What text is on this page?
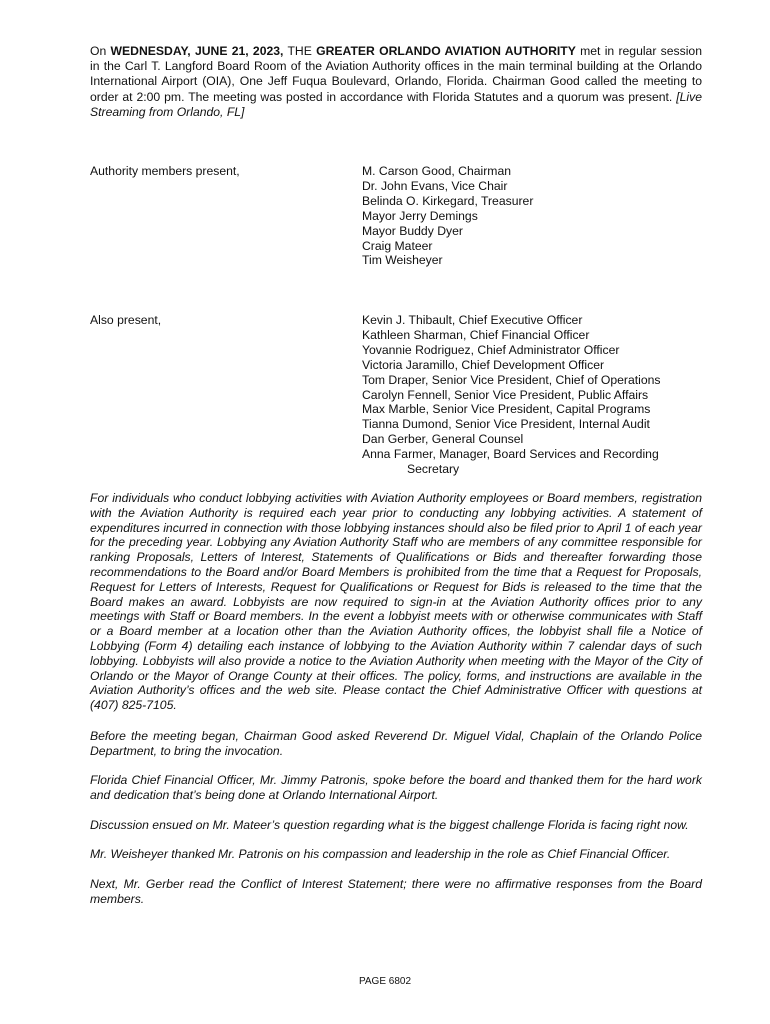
On WEDNESDAY, JUNE 21, 2023, THE GREATER ORLANDO AVIATION AUTHORITY met in regular session in the Carl T. Langford Board Room of the Aviation Authority offices in the main terminal building at the Orlando International Airport (OIA), One Jeff Fuqua Boulevard, Orlando, Florida. Chairman Good called the meeting to order at 2:00 pm. The meeting was posted in accordance with Florida Statutes and a quorum was present. [Live Streaming from Orlando, FL]

Authority members present,	M. Carson Good, Chairman
Dr. John Evans, Vice Chair
Belinda O. Kirkegard, Treasurer
Mayor Jerry Demings
Mayor Buddy Dyer
Craig Mateer
Tim Weisheyer

Also present,	Kevin J. Thibault, Chief Executive Officer
Kathleen Sharman, Chief Financial Officer
Yovannie Rodriguez, Chief Administrator Officer
Victoria Jaramillo, Chief Development Officer
Tom Draper, Senior Vice President, Chief of Operations
Carolyn Fennell, Senior Vice President, Public Affairs
Max Marble, Senior Vice President, Capital Programs
Tianna Dumond, Senior Vice President, Internal Audit
Dan Gerber, General Counsel
Anna Farmer, Manager, Board Services and Recording
Secretary

For individuals who conduct lobbying activities with Aviation Authority employees or Board members, registration with the Aviation Authority is required each year prior to conducting any lobbying activities. A statement of expenditures incurred in connection with those lobbying instances should also be filed prior to April 1 of each year for the preceding year. Lobbying any Aviation Authority Staff who are members of any committee responsible for ranking Proposals, Letters of Interest, Statements of Qualifications or Bids and thereafter forwarding those recommendations to the Board and/or Board Members is prohibited from the time that a Request for Proposals, Request for Letters of Interests, Request for Qualifications or Request for Bids is released to the time that the Board makes an award. Lobbyists are now required to sign-in at the Aviation Authority offices prior to any meetings with Staff or Board members. In the event a lobbyist meets with or otherwise communicates with Staff or a Board member at a location other than the Aviation Authority offices, the lobbyist shall file a Notice of Lobbying (Form 4) detailing each instance of lobbying to the Aviation Authority within 7 calendar days of such lobbying. Lobbyists will also provide a notice to the Aviation Authority when meeting with the Mayor of the City of Orlando or the Mayor of Orange County at their offices. The policy, forms, and instructions are available in the Aviation Authority’s offices and the web site. Please contact the Chief Administrative Officer with questions at (407) 825-7105.

Before the meeting began, Chairman Good asked Reverend Dr. Miguel Vidal, Chaplain of the Orlando Police Department, to bring the invocation.

Florida Chief Financial Officer, Mr. Jimmy Patronis, spoke before the board and thanked them for the hard work and dedication that’s being done at Orlando International Airport.

Discussion ensued on Mr. Mateer’s question regarding what is the biggest challenge Florida is facing right now.

Mr. Weisheyer thanked Mr. Patronis on his compassion and leadership in the role as Chief Financial Officer.

Next, Mr. Gerber read the Conflict of Interest Statement; there were no affirmative responses from the Board members.

PAGE 6802
